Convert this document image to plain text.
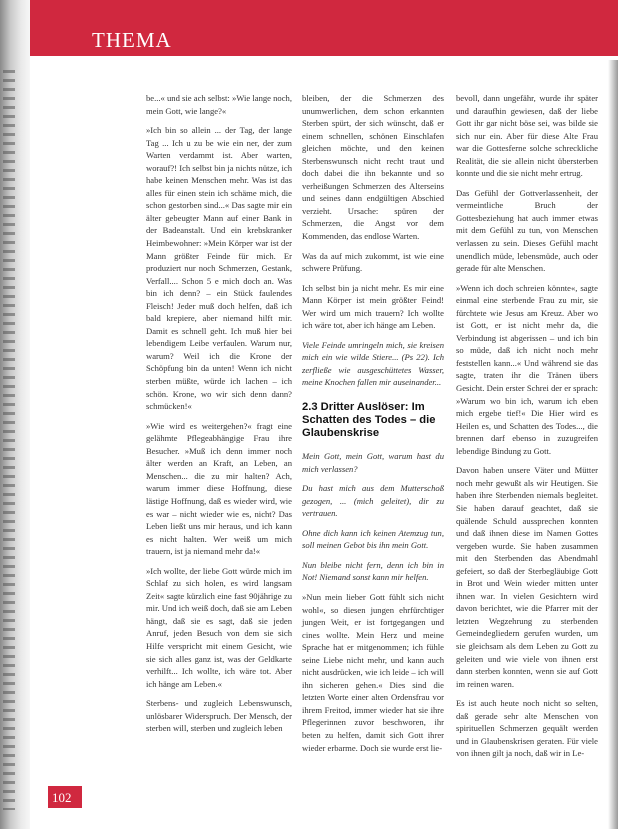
THEMA

be...« und sie ach selbst: »Wie lange noch, mein Gott, wie lange?«

»Ich bin so allein ... der Tag, der lange Tag ... Ich u zu be wie ein ner, der zum Warten verdammt ist. Aber warten, worauf?! Ich selbst bin ja nichts nütze, ich habe keinen Menschen mehr. Was ist das alles für einen stein ich schäme mich, die schon gestorben sind...« Das sagte mir ein älter gebeugter Mann auf einer Bank in der Badeanstalt. Und ein krebskranker Heimbewohner: »Mein Körper war ist der Mann größter Feinde für mich. Er produziert nur noch Schmerzen, Gestank, Verfall.... Schon 5 e mich doch an. Was bin ich denn? – ein Stück faulendes Fleisch! Jeder muß doch helfen, daß ich bald krepiere, aber niemand hilft mir. Damit es schnell geht. Ich muß hier bei lebendigem Leibe verfaulen. Warum nur, warum? Weil ich die Krone der Schöpfung bin da unten! Wenn ich nicht sterben müßte, würde ich lachen – ich schön. Krone, wo wir sich denn dann? schmücken!«

»Wie wird es weitergehen?« fragt eine gelähmte Pflegeabhängige Frau ihre Besucher. »Muß ich denn immer noch älter werden an Kraft, an Leben, an Menschen... die zu mir halten? Ach, warum immer diese Hoffnung, diese lästige Hoffnung, daß es wieder wird, wie es war – nicht wieder wie es, nicht? Das Leben ließt uns mir heraus, und ich kann es nicht halten. Wer weiß um mich trauern, ist ja niemand mehr da!«

»Ich wollte, der liebe Gott würde mich im Schlaf zu sich holen, es wird langsam Zeit« sagte kürzlich eine fast 90jährige zu mir. Und ich weiß doch, daß sie am Leben hängt, daß sie es sagt, daß sie jeden Anruf, jeden Besuch von dem sie sich Hilfe verspricht mit einem Gesicht, wie sie sich alles ganz ist, was der Geldkarte verhilft... Ich wollte, ich wäre tot. Aber ich hänge am Leben.«

Sterbens- und zugleich Lebenswunsch, unlösbarer Widerspruch. Der Mensch, der sterben will, sterben und zugleich leben

bleiben, der die Schmerzen des unumwerlichen, dem schon erkannten Sterben spürt, der sich wünscht, daß er einem schnellen, schönen Einschlafen gleichen möchte, und den keinen Sterbenswunsch nicht recht traut und doch dabei die ihn bekannte und so verheißungen Schmerzen des Alterseins und seines dann endgültigen Abschied verzieht. Ursache: spüren der Schmerzen, die Angst vor dem Kommenden, das endlose Warten.

Was da auf mich zukommt, ist wie eine schwere Prüfung.

Ich selbst bin ja nicht mehr. Es mir eine Mann Körper ist mein größter Feind! Wer wird um mich trauern? Ich wollte ich wäre tot, aber ich hänge am Leben.

Viele Feinde umringeln mich, sie kreisen mich ein wie wilde Stiere... (Ps 22). Ich zerfließe wie ausgeschüttetes Wasser, meine Knochen fallen mir auseinander...

2.3 Dritter Auslöser: Im Schatten des Todes – die Glaubenskrise

Mein Gott, mein Gott, warum hast du mich verlassen?

Du hast mich aus dem Mutterschoß gezogen, ... (mich geleitet), dir zu vertrauen.

Ohne dich kann ich keinen Atemzug tun, soll meinen Gebot bis ihn mein Gott.

Nun bleibe nicht fern, denn ich bin in Not! Niemand sonst kann mir helfen.

»Nun mein lieber Gott fühlt sich nicht wohl«, so diesen jungen ehrfürchtiger jungen Weit, er ist fortgegangen und cines wollte. Mein Herz und meine Sprache hat er mitgenommen; ich fühle seine Liebe nicht mehr, und kann auch nicht ausdrücken, wie ich leide – ich will ihn sicheren gehen.« Dies sind die letzten Worte einer alten Ordensfrau vor ihrem Freitod, immer wieder hat sie ihre Pflegerinnen zuvor beschworen, ihr beten zu helfen, damit sich Gott ihrer wieder erbarme. Doch sie wurde erst lie-

bevoll, dann ungefähr, wurde ihr später und daraufhin gewiesen, daß der liebe Gott ihr gar nicht böse sei, was bilde sie sich nur ein. Aber für diese Alte Frau war die Gottesferne solche schreckliche Realität, die sie allein nicht übersterben konnte und die sie nicht mehr ertrug.

Das Gefühl der Gottverlassenheit, der vermeintliche Bruch der Gottesbeziehung hat auch immer etwas mit dem Gefühl zu tun, von Menschen verlassen zu sein. Dieses Gefühl macht unendlich müde, lebensmüde, auch oder gerade für alte Menschen.

»Wenn ich doch schreien könnte«, sagte einmal eine sterbende Frau zu mir, sie fürchtete wie Jesus am Kreuz. Aber wo ist Gott, er ist nicht mehr da, die Verbindung ist abgerissen – und ich bin so müde, daß ich nicht noch mehr feststellen kann...« Und während sie das sagte, traten ihr die Tränen übers Gesicht. Dein erster Schrei der er sprach: »Warum wo bin ich, warum ich eben mich ergebe tief!« Die Hier wird es Heilen es, und Schatten des Todes..., die brennen darf ebenso in zuzugreifen lebendige Bindung zu Gott.

Davon haben unsere Väter und Mütter noch mehr gewußt als wir Heutigen. Sie haben ihre Sterbenden niemals begleitet. Sie haben darauf geachtet, daß sie quälende Schuld aussprechen konnten und daß ihnen diese im Namen Gottes vergeben wurde. Sie haben zusammen mit den Sterbenden das Abendmahl gefeiert, so daß der Sterbegläubige Gott in Brot und Wein wieder mitten unter ihnen war. In vielen Gesichtern wird davon berichtet, wie die Pfarrer mit der letzten Wegzehrung zu sterbenden Gemeindegliedern gerufen wurden, um sie gleichsam als dem Leben zu Gott zu geleiten und wie viele von ihnen erst dann sterben konnten, wenn sie auf Gott im reinen waren.

Es ist auch heute noch nicht so selten, daß gerade sehr alte Menschen von spirituellen Schmerzen gequält werden und in Glaubenskrisen geraten. Für viele von ihnen gilt ja noch, daß wir in Le-

102
